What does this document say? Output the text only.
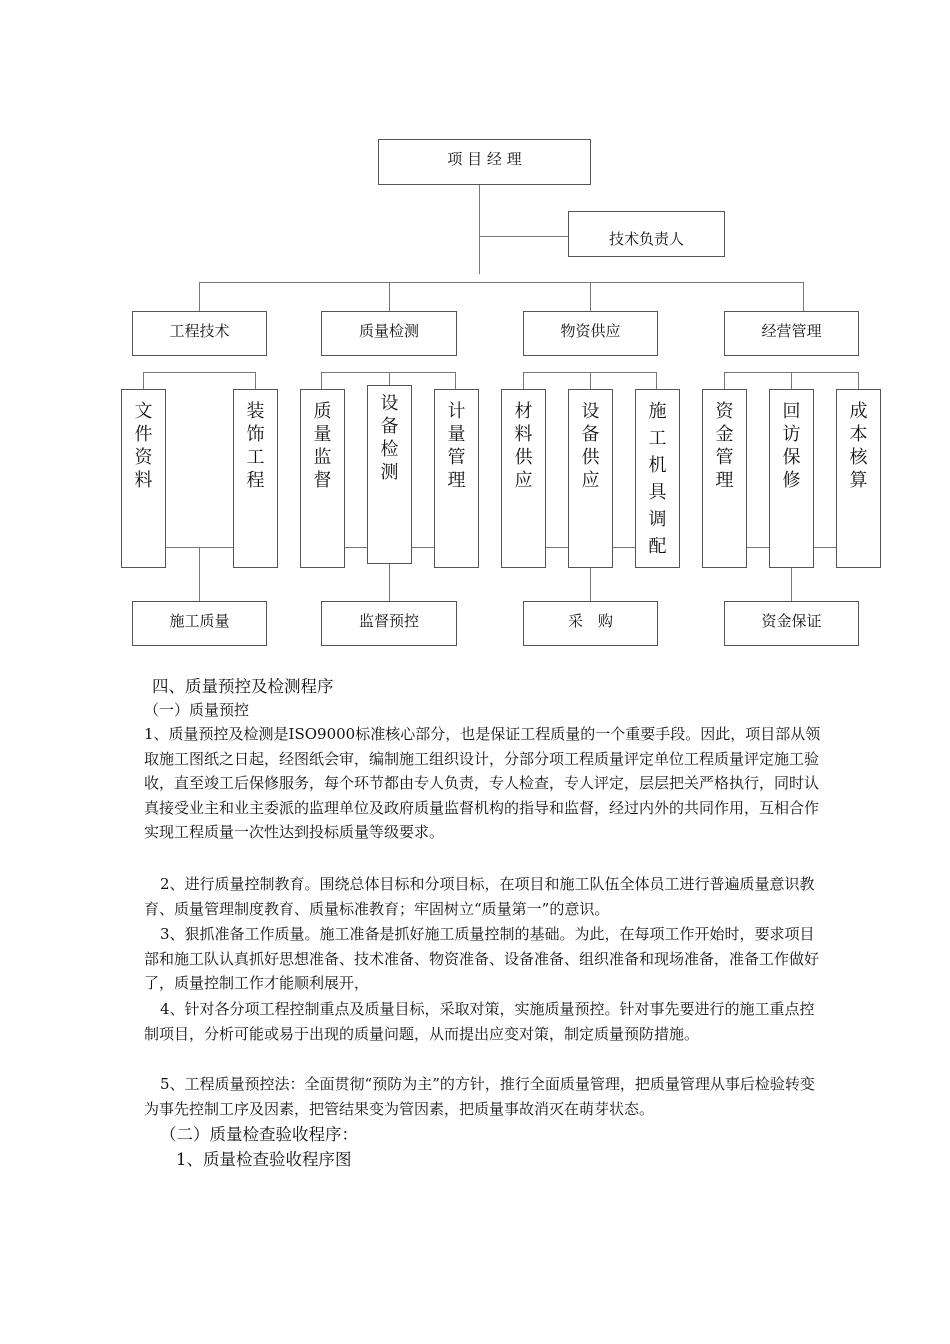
项 目 经 理
技术负责人
工程技术	质量检测	物资供应	经营管理
文
件
资
料
装
饰
工
程
质
量
监
督
设
备
检
测
计
量
管
理
材
料
供
应
设
备
供
应
施
工
机
具
调
配
资
金
管
理
回
访
保
修
成
本
核
算
施工质量	监督预控	采　购	资金保证
四、质量预控及检测程序
（一）质量预控

1、质量预控及检测是ISO9000标准核心部分，也是保证工程质量的一个重要手段。因此，项目部从领取施工图纸之日起，经图纸会审，编制施工组织设计，分部分项工程质量评定单位工程质量评定施工验收，直至竣工后保修服务，每个环节都由专人负责，专人检查，专人评定，层层把关严格执行，同时认真接受业主和业主委派的监理单位及政府质量监督机构的指导和监督，经过内外的共同作用，互相合作实现工程质量一次性达到投标质量等级要求。

2、进行质量控制教育。围绕总体目标和分项目标，在项目和施工队伍全体员工进行普遍质量意识教育、质量管理制度教育、质量标准教育；牢固树立“质量第一”的意识。

3、狠抓准备工作质量。施工准备是抓好施工质量控制的基础。为此，在每项工作开始时，要求项目部和施工队认真抓好思想准备、技术准备、物资准备、设备准备、组织准备和现场准备，准备工作做好了，质量控制工作才能顺利展开，

4、针对各分项工程控制重点及质量目标，采取对策，实施质量预控。针对事先要进行的施工重点控制项目，分析可能或易于出现的质量问题，从而提出应变对策，制定质量预防措施。

5、工程质量预控法：全面贯彻“预防为主”的方针，推行全面质量管理，把质量管理从事后检验转变为事先控制工序及因素，把管结果变为管因素，把质量事故消灭在萌芽状态。

（二）质量检查验收程序：
1、质量检查验收程序图
